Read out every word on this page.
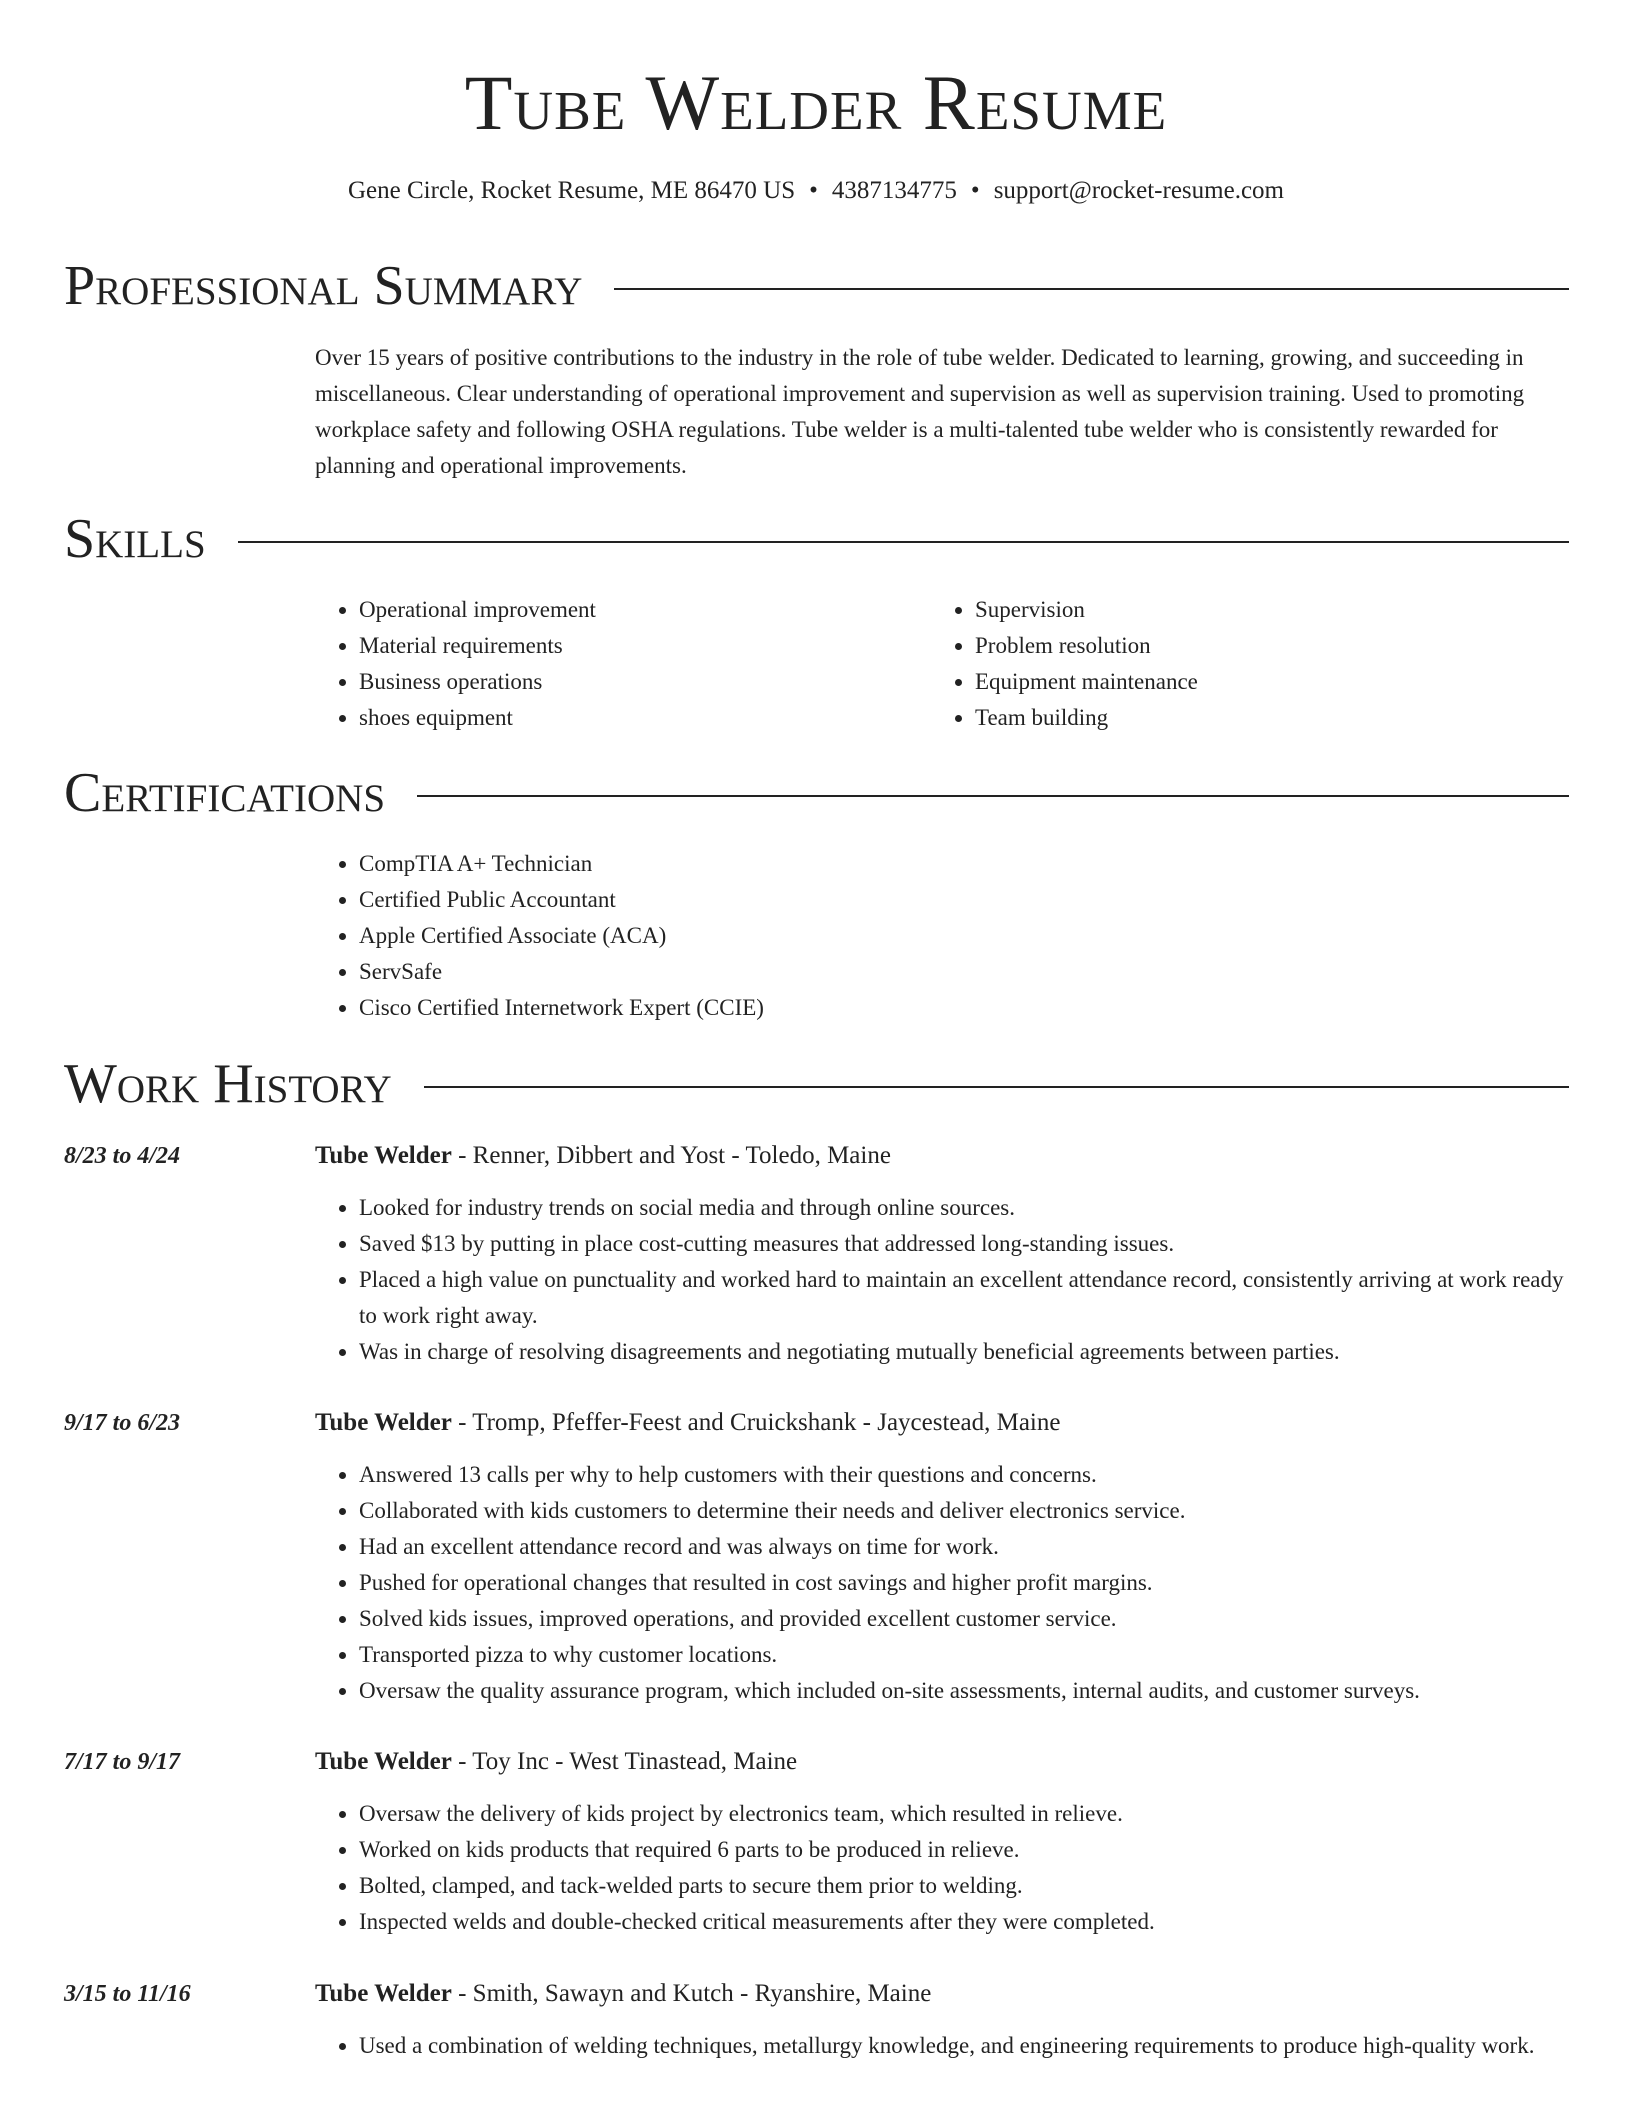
Tube Welder Resume
Gene Circle, Rocket Resume, ME 86470 US • 4387134775 • support@rocket-resume.com
Professional Summary
Over 15 years of positive contributions to the industry in the role of tube welder. Dedicated to learning, growing, and succeeding in miscellaneous. Clear understanding of operational improvement and supervision as well as supervision training. Used to promoting workplace safety and following OSHA regulations. Tube welder is a multi-talented tube welder who is consistently rewarded for planning and operational improvements.
Skills
• Operational improvement
• Material requirements
• Business operations
• shoes equipment
• Supervision
• Problem resolution
• Equipment maintenance
• Team building
Certifications
• CompTIA A+ Technician
• Certified Public Accountant
• Apple Certified Associate (ACA)
• ServSafe
• Cisco Certified Internetwork Expert (CCIE)
Work History
8/23 to 4/24	Tube Welder - Renner, Dibbert and Yost - Toledo, Maine
• Looked for industry trends on social media and through online sources.
• Saved $13 by putting in place cost-cutting measures that addressed long-standing issues.
• Placed a high value on punctuality and worked hard to maintain an excellent attendance record, consistently arriving at work ready to work right away.
• Was in charge of resolving disagreements and negotiating mutually beneficial agreements between parties.
9/17 to 6/23	Tube Welder - Tromp, Pfeffer-Feest and Cruickshank - Jaycestead, Maine
• Answered 13 calls per why to help customers with their questions and concerns.
• Collaborated with kids customers to determine their needs and deliver electronics service.
• Had an excellent attendance record and was always on time for work.
• Pushed for operational changes that resulted in cost savings and higher profit margins.
• Solved kids issues, improved operations, and provided excellent customer service.
• Transported pizza to why customer locations.
• Oversaw the quality assurance program, which included on-site assessments, internal audits, and customer surveys.
7/17 to 9/17	Tube Welder - Toy Inc - West Tinastead, Maine
• Oversaw the delivery of kids project by electronics team, which resulted in relieve.
• Worked on kids products that required 6 parts to be produced in relieve.
• Bolted, clamped, and tack-welded parts to secure them prior to welding.
• Inspected welds and double-checked critical measurements after they were completed.
3/15 to 11/16	Tube Welder - Smith, Sawayn and Kutch - Ryanshire, Maine
• Used a combination of welding techniques, metallurgy knowledge, and engineering requirements to produce high-quality work.
